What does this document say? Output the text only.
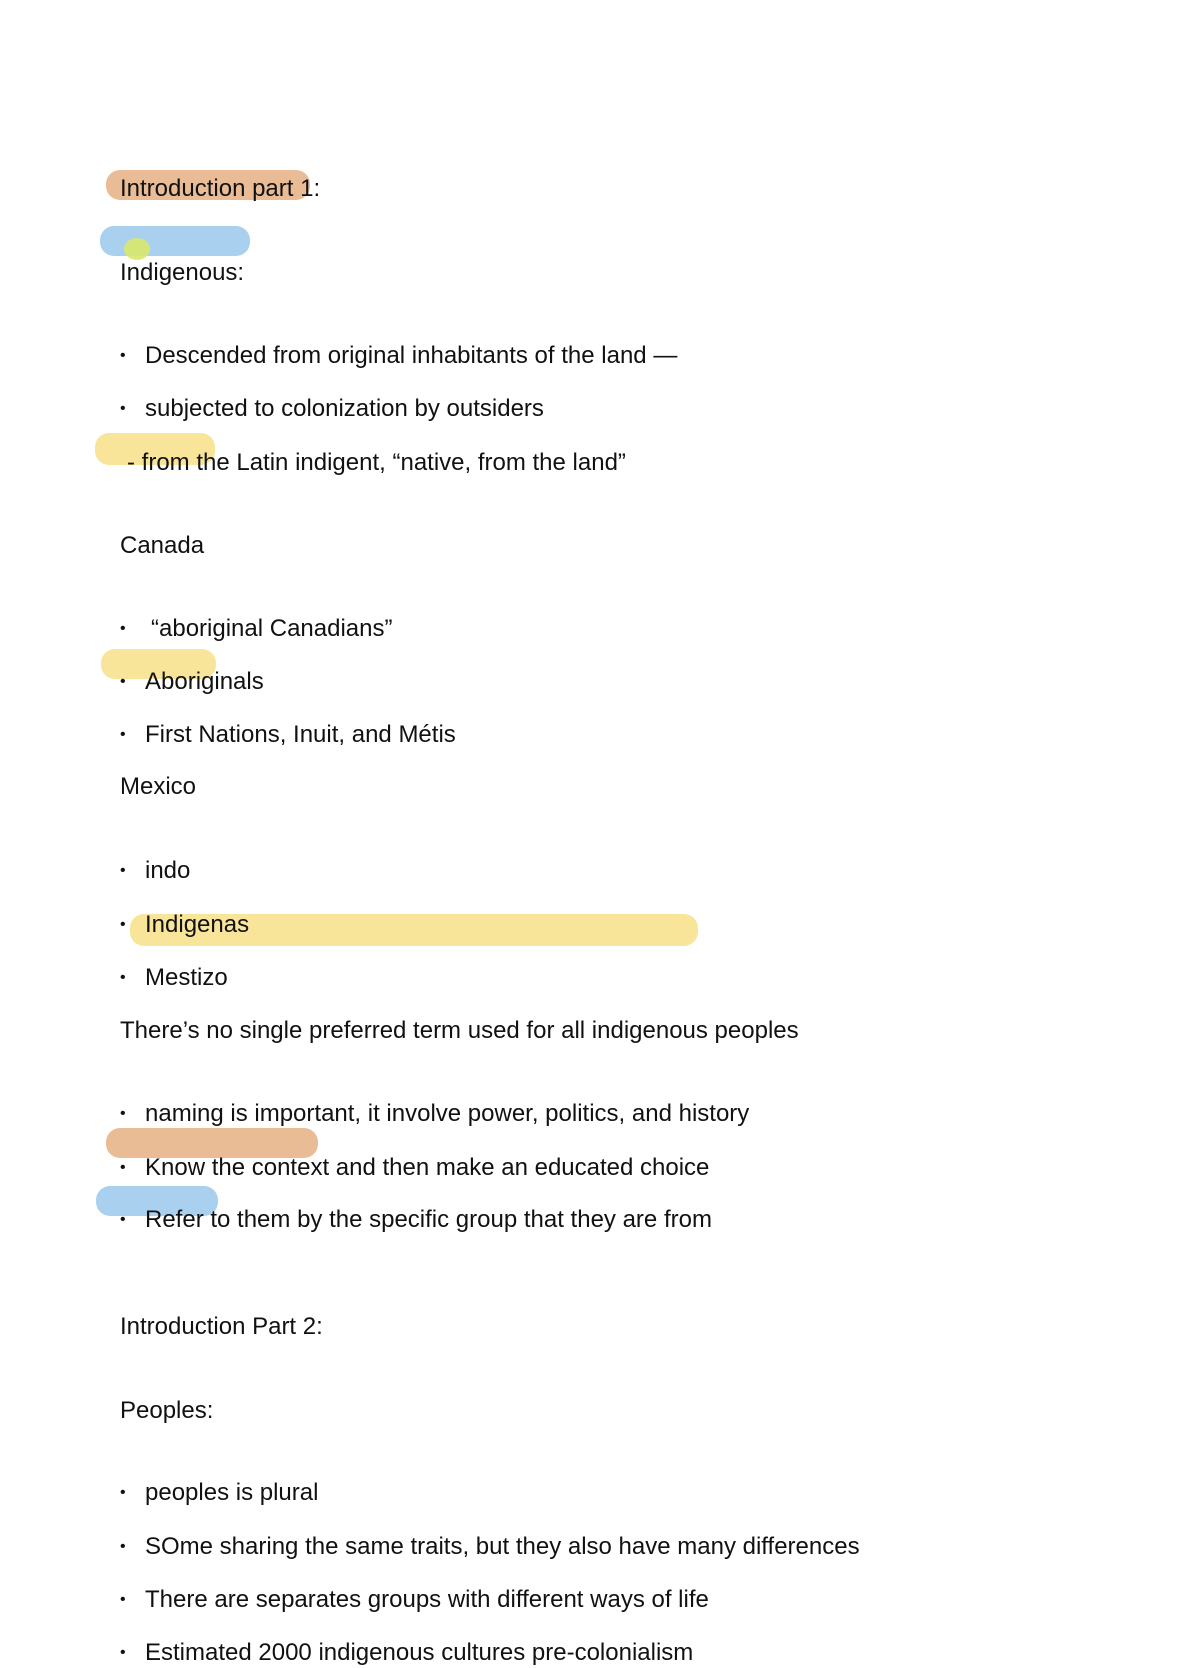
Introduction part 1:
Indigenous:
• Descended from original inhabitants of the land —
• subjected to colonization by outsiders
- from the Latin indigent, “native, from the land”
Canada
• “aboriginal Canadians”
• Aboriginals
• First Nations, Inuit, and Métis
Mexico
• indo
• Indigenas
• Mestizo
There’s no single preferred term used for all indigenous peoples
• naming is important, it involve power, politics, and history
• Know the context and then make an educated choice
• Refer to them by the specific group that they are from
Introduction Part 2:
Peoples:
• peoples is plural
• SOme sharing the same traits, but they also have many differences
• There are separates groups with different ways of life
• Estimated 2000 indigenous cultures pre-colonialism
